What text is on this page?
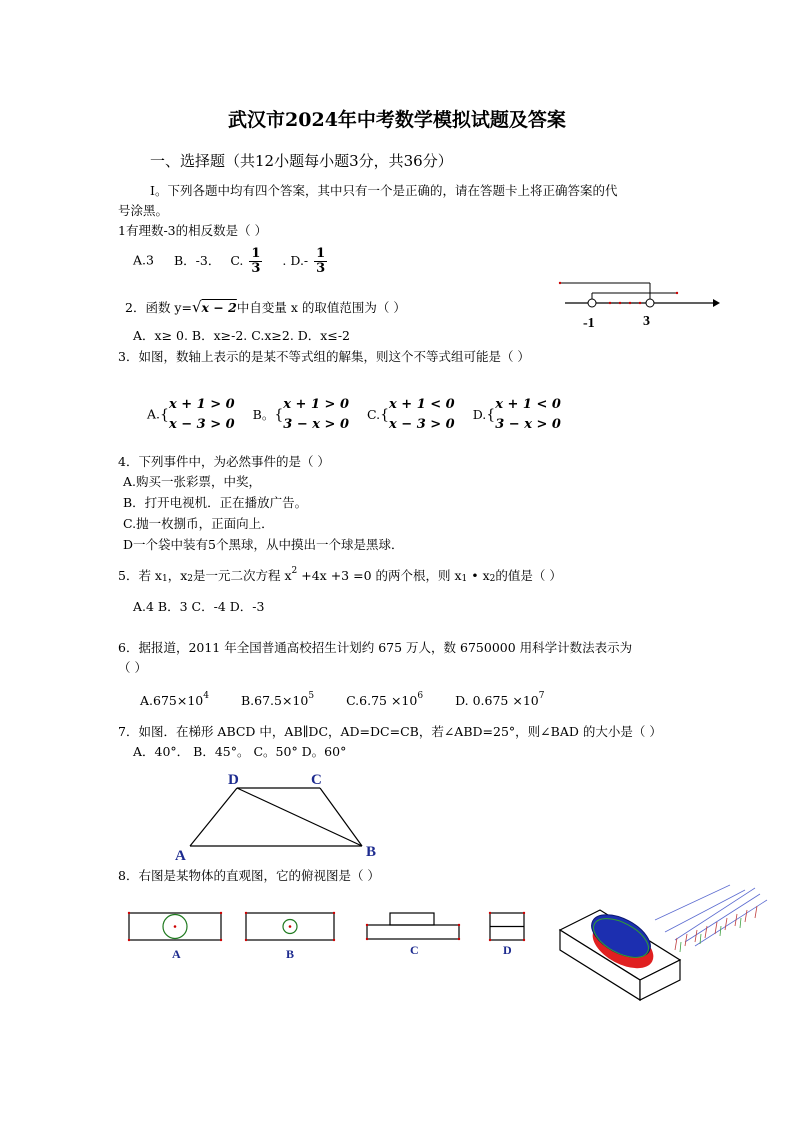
武汉市2024年中考数学模拟试题及答案
一、选择题（共12小题每小题3分，共36分）
I。下列各题中均有四个答案，其中只有一个是正确的，请在答题卡上将正确答案的代
号涂黑。
1有理数-3的相反数是（ ）
A.3 B．-3． C. $\frac{1}{3}$ . $D.- \frac{1}{3}$
2．函数 y=√x − 2中自变量 x 的取值范围为（ ）
A．x≥ 0. B．x≥-2. C.x≥2. D．x≤-2
-1	3
3．如图，数轴上表示的是某不等式组的解集，则这个不等式组可能是（ ）
A.{x + 1 > 0
x − 3 > 0 B。{x + 1 > 0
3 − x > 0 C.{x + 1 < 0
x − 3 > 0 D.{x + 1 < 0
3 − x > 0
4．下列事件中，为必然事件的是（ ）
A.购买一张彩票，中奖，
B．打开电视机．正在播放广告。
C.抛一枚捌币，正面向上．
D一个袋中装有5个黑球，从中摸出一个球是黑球．
5．若 x1，x2是一元二次方程 $x^2 +4x +3 =0$ 的两个根，则 x1 • x2的值是（ ）
A.4 B．3 C．-4 D．-3
6．据报道，2011 年全国普通高校招生计划约 675 万人，数 6750000 用科学计数法表示为
（ ）
$A.675\times 10^4$	$B.67.5\times 10^5$	$C.6.75 \times 10^6$	D. $0.675 \times 10^7$
7．如图．在梯形 ABCD 中，AB∥DC，AD=DC=CB，若∠ABD=25°，则∠BAD 的大小是（ ）
A．40°． B．45°。 C。50° D。60°
D	C
A	B
8．右图是某物体的直观图，它的俯视图是（ ）
A	B	C	D
